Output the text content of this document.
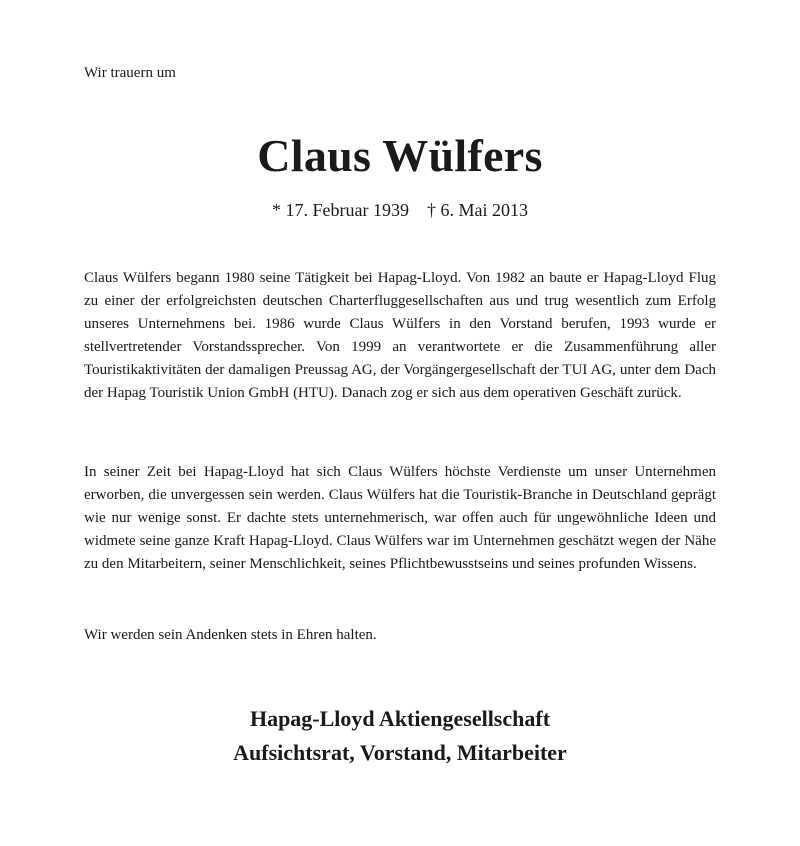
Wir trauern um

Claus Wülfers

* 17. Februar 1939 † 6. Mai 2013

Claus Wülfers begann 1980 seine Tätigkeit bei Hapag-Lloyd. Von 1982 an baute er Hapag-Lloyd Flug zu einer der erfolgreichsten deutschen Charterfluggesellschaften aus und trug wesentlich zum Erfolg unseres Unternehmens bei. 1986 wurde Claus Wülfers in den Vorstand berufen, 1993 wurde er stellvertretender Vorstandssprecher. Von 1999 an verantwortete er die Zusammenführung aller Touristikaktivitäten der damaligen Preussag AG, der Vorgängergesellschaft der TUI AG, unter dem Dach der Hapag Touristik Union GmbH (HTU). Danach zog er sich aus dem operativen Geschäft zurück.

In seiner Zeit bei Hapag-Lloyd hat sich Claus Wülfers höchste Verdienste um unser Unternehmen erworben, die unvergessen sein werden. Claus Wülfers hat die Touristik-Branche in Deutschland geprägt wie nur wenige sonst. Er dachte stets unternehmerisch, war offen auch für ungewöhnliche Ideen und widmete seine ganze Kraft Hapag-Lloyd. Claus Wülfers war im Unternehmen geschätzt wegen der Nähe zu den Mitarbeitern, seiner Menschlichkeit, seines Pflichtbewusstseins und seines profunden Wissens.

Wir werden sein Andenken stets in Ehren halten.

Hapag-Lloyd Aktiengesellschaft

Aufsichtsrat, Vorstand, Mitarbeiter
